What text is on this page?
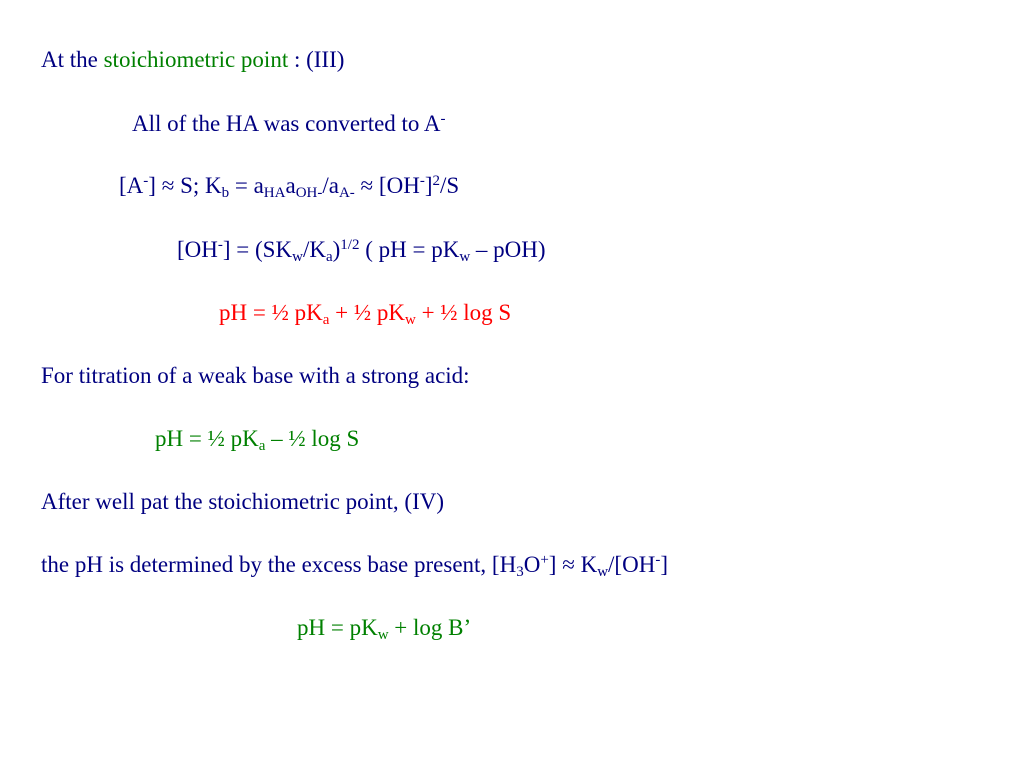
At the stoichiometric point : (III)
All of the HA was converted to A-
[A-] ≈ S; $K_b = a_{HA}a_{OH-}/a_{A-} \approx [OH^-]^2/S$
$[OH^-] = (SK_w/K_a)^{1/2}$ ( pH = $pK_w - pOH$)
pH = ½ $pK_a$ + ½ $pK_w$ + ½ log S
For titration of a weak base with a strong acid:
pH = ½ $pK_a$ – ½ log S
After well pat the stoichiometric point, (IV)
the pH is determined by the excess base present, $[H_3O^+] \approx K_w/[OH^-]$
pH = $pK_w + \log B$’
